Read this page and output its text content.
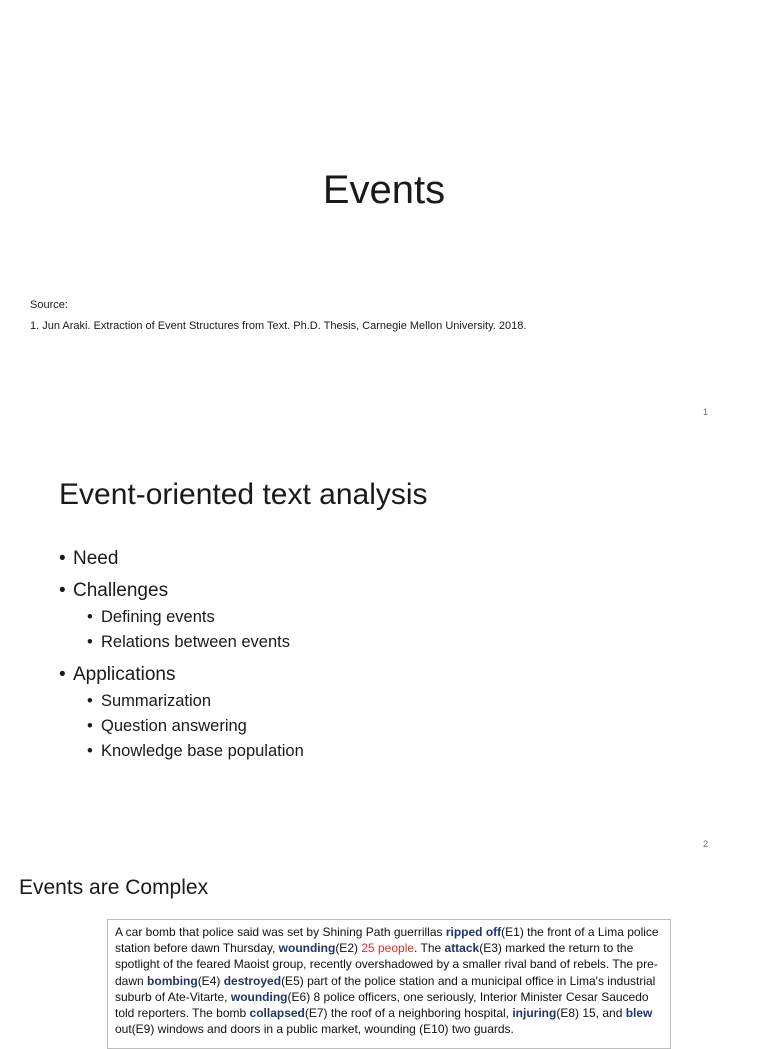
Events
Source:
1. Jun Araki. Extraction of Event Structures from Text. Ph.D. Thesis, Carnegie Mellon University. 2018.
1
Event-oriented text analysis
• Need
• Challenges
• Defining events
• Relations between events
• Applications
• Summarization
• Question answering
• Knowledge base population
2
Events are Complex
A car bomb that police said was set by Shining Path guerrillas ripped off(E1) the front of a Lima police station before dawn Thursday, wounding(E2) 25 people. The attack(E3) marked the return to the spotlight of the feared Maoist group, recently overshadowed by a smaller rival band of rebels. The pre-dawn bombing(E4) destroyed(E5) part of the police station and a municipal office in Lima's industrial suburb of Ate-Vitarte, wounding(E6) 8 police officers, one seriously, Interior Minister Cesar Saucedo told reporters. The bomb collapsed(E7) the roof of a neighboring hospital, injuring(E8) 15, and blew out(E9) windows and doors in a public market, wounding (E10) two guards.
